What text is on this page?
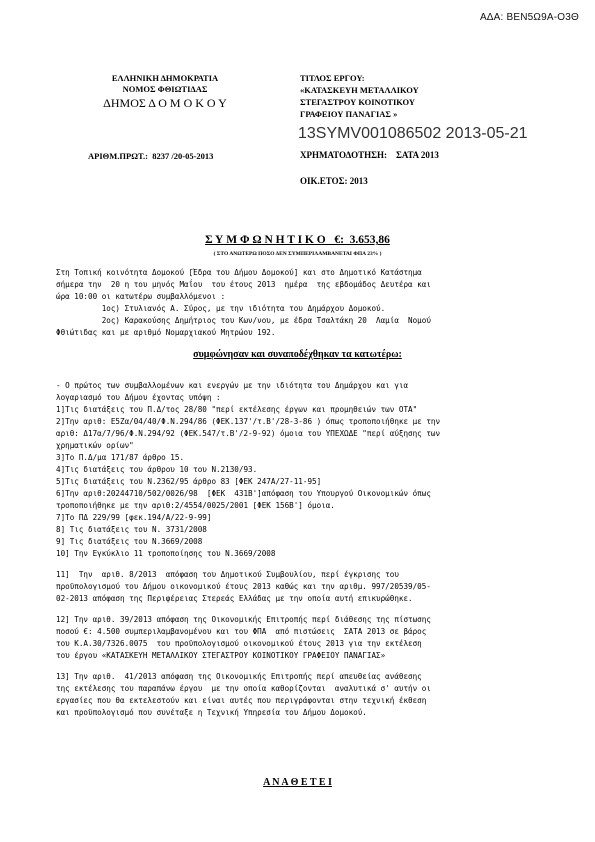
ΑΔΑ: ΒΕΝ5Ω9Α-Ο3Θ
ΕΛΛΗΝΙΚΗ ΔΗΜΟΚΡΑΤΙΑ
ΝΟΜΟΣ ΦΘΙΩΤΙΔΑΣ
ΔΗΜΟΣ Δ Ο Μ Ο Κ Ο Υ
ΑΡΙΘΜ.ΠΡΩΤ.:  8237 /20-05-2013
ΤΙΤΛΟΣ ΕΡΓΟΥ:
«ΚΑΤΑΣΚΕΥΗ ΜΕΤΑΛΛΙΚΟΥ
ΣΤΕΓΑΣΤΡΟΥ ΚΟΙΝΟΤΙΚΟΥ
ΓΡΑΦΕΙΟΥ ΠΑΝΑΓΙΑΣ »
13SYMV001086502 2013-05-21
ΧΡΗΜΑΤΟΔΟΤΗΣΗ:    ΣΑΤΑ 2013
ΟΙΚ.ΕΤΟΣ: 2013
Σ Υ Μ Φ Ω Ν Η Τ Ι Κ Ο   €:  3.653,86
( ΣΤΟ ΑΝΩΤΕΡΩ ΠΟΣΟ ΔΕΝ ΣΥΜΠΕΡΙΛΑΜΒΑΝΕΤΑΙ ΦΠΑ 23% )
Στη Τοπική κοινότητα Δομοκού [Έδρα του Δήμου Δομοκού] και στο Δημοτικό Κατάστημα
σήμερα την  20 η του μηνός Μαΐου  του έτους 2013  ημέρα  της εβδομάδος Δευτέρα και
ώρα 10:00 οι κατωτέρω συμβαλλόμενοι :
1ος) Στυλιανός Α. Σύρος, με την ιδιότητα του Δημάρχου Δομοκού.
2ος) Καρακούσης Δημήτριος του Κων/νου, με έδρα Τσαλτάκη 20  Λαμία  Νομού
Φθιώτιδας και με αριθμό Νομαρχιακού Μητρώου 192.
συμφώνησαν και συναποδέχθηκαν τα κατωτέρω:
- Ο πρώτος των συμβαλλομένων και ενεργών με την ιδιότητα του Δημάρχου και για
λογαριασμό του Δήμου έχοντας υπόψη :
1]Τις διατάξεις του Π.Δ/τος 28/80 "περί εκτέλεσης έργων και προμηθειών των ΟΤΑ"
2]Την αριθ: Ε5Ζα/04/40/Φ.Ν.294/86 (ΦΕΚ.137'/τ.Β'/28-3-86 ) όπως τροποποιήθηκε με την
αριθ: Δ17α/7/96/Φ.Ν.294/92 (ΦΕΚ.547/τ.Β'/2-9-92) όμοια του ΥΠΕΧΩΔΕ "περί αύξησης των
χρηματικών ορίων"
3]Το Π.Δ/μα 171/87 άρθρο 15.
4]Τις διατάξεις του άρθρου 10 του Ν.2130/93.
5]Τις διατάξεις του Ν.2362/95 άρθρο 83 [ΦΕΚ 247Α/27-11-95]
6]Την αριθ:20244710/502/0026/98  [ΦΕΚ  431Β']απόφαση του Υπουργού Οικονομικών όπως
τροποποιήθηκε με την αριθ:2/4554/0025/2001 [ΦΕΚ 156Β'] όμοια.
7]Το ΠΔ 229/99 [φεκ.194/Α/22-9-99]
8] Τις διατάξεις του Ν. 3731/2008
9] Τις διατάξεις του Ν.3669/2008
10] Την Εγκύκλιο 11 τροποποίησης του Ν.3669/2008
11]  Την  αριθ. 8/2013  απόφαση του Δημοτικού Συμβουλίου, περί έγκρισης του
προϋπολογισμού του Δήμου οικονομικού έτους 2013 καθώς και την αριθμ. 997/20539/05-
02-2013 απόφαση της Περιφέρειας Στερεάς Ελλάδας με την οποία αυτή επικυρώθηκε.
12] Την αριθ. 39/2013 απόφαση της Οικονομικής Επιτροπής περί διάθεσης της πίστωσης
ποσού €: 4.500 συμπεριλαμβανομένου και του ΦΠΑ  από πιστώσεις  ΣΑΤΑ 2013 σε βάρος
του Κ.Α.30/7326.0075  του προϋπολογισμού οικονομικού έτους 2013 για την εκτέλεση
του έργου «ΚΑΤΑΣΚΕΥΗ ΜΕΤΑΛΛΙΚΟΥ ΣΤΕΓΑΣΤΡΟΥ ΚΟΙΝΟΤΙΚΟΥ ΓΡΑΦΕΙΟΥ ΠΑΝΑΓΙΑΣ»
13] Την αριθ.  41/2013 απόφαση της Οικονομικής Επιτροπής περί απευθείας ανάθεσης
της εκτέλεσης του παραπάνω έργου  με την οποία καθορίζονται  αναλυτικά σ' αυτήν οι
εργασίες που θα εκτελεστούν και είναι αυτές που περιγράφονται στην τεχνική έκθεση
και προϋπολογισμό που συνέταξε η Τεχνική Υπηρεσία του Δήμου Δομοκού.
Α Ν Α Θ Ε Τ Ε Ι
